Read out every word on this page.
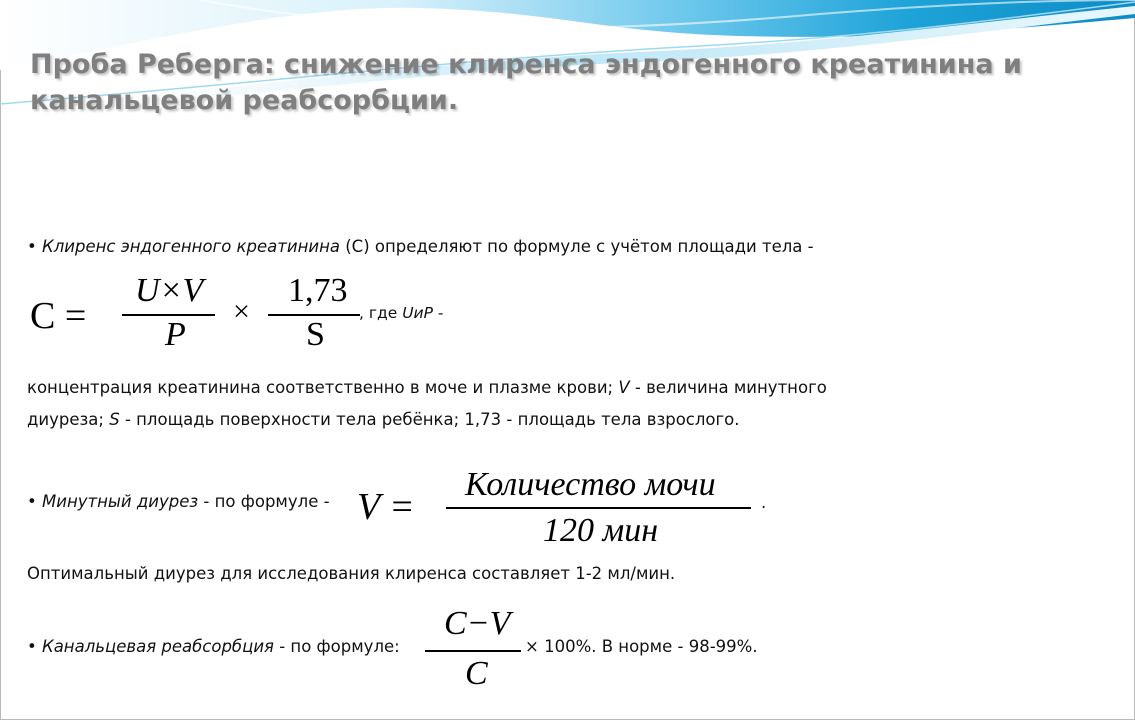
Проба Реберга: снижение клиренса эндогенного креатинина и канальцевой реабсорбции.
• Клиренс эндогенного креатинина (С) определяют по формуле с учётом площади тела -
C =
U×V
P
×
1,73
S
, где UиP -
концентрация креатинина соответственно в моче и плазме крови; V - величина минутного
диуреза; S - площадь поверхности тела ребёнка; 1,73 - площадь тела взрослого.
• Минутный диурез - по формуле - V =
Количество мочи
120 мин
.
Оптимальный диурез для исследования клиренса составляет 1-2 мл/мин.
• Канальцевая реабсорбция - по формуле:
C−V
C
× 100%. В норме - 98-99%.
